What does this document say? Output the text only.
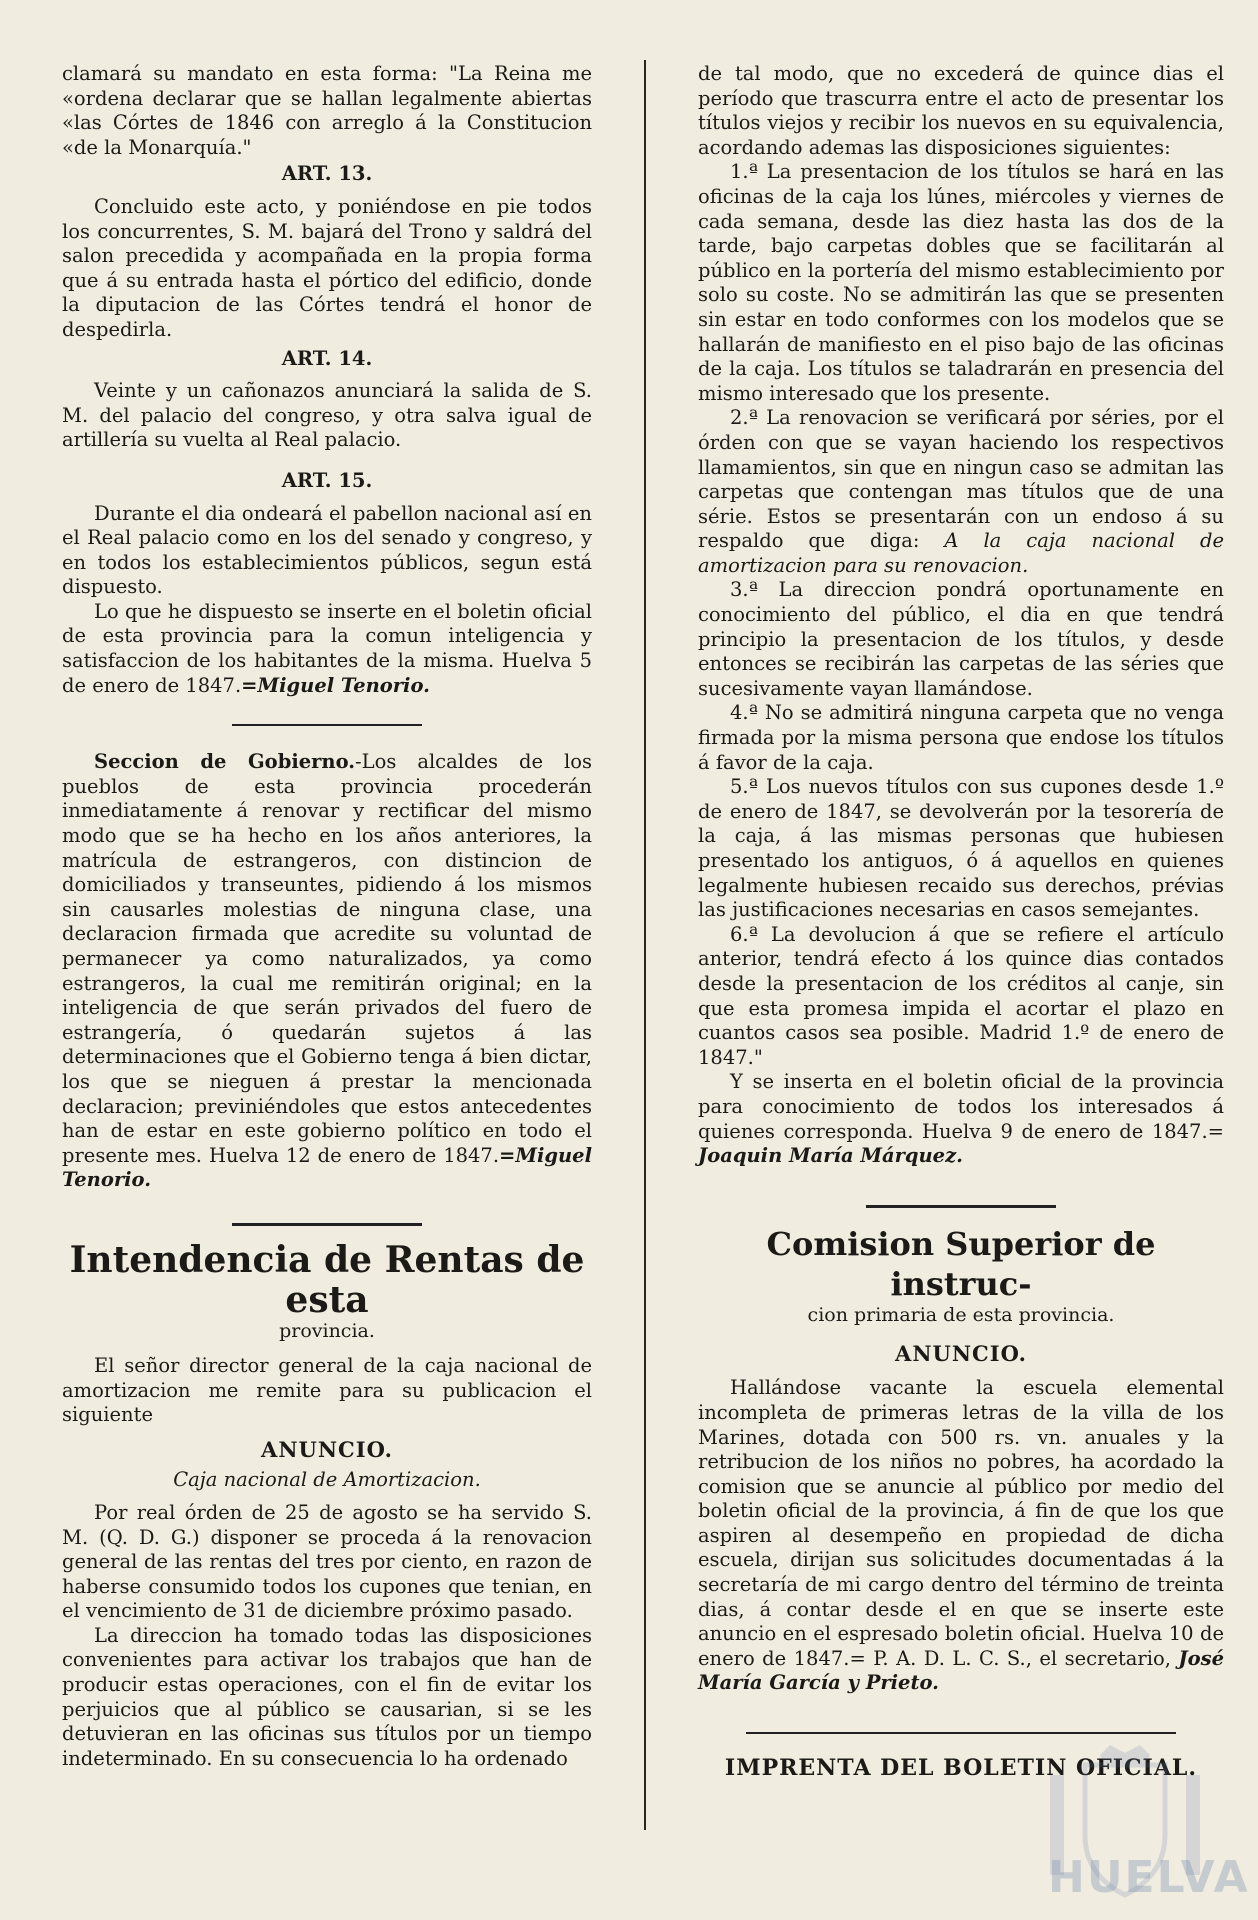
clamará su mandato en esta forma: "La Reina me «ordena declarar que se hallan legalmente abiertas «las Córtes de 1846 con arreglo á la Constitucion «de la Monarquía."

ART. 13.

Concluido este acto, y poniéndose en pie todos los concurrentes, S. M. bajará del Trono y saldrá del salon precedida y acompañada en la propia forma que á su entrada hasta el pórtico del edificio, donde la diputacion de las Córtes tendrá el honor de despedirla.

ART. 14.

Veinte y un cañonazos anunciará la salida de S. M. del palacio del congreso, y otra salva igual de artillería su vuelta al Real palacio.

ART. 15.

Durante el dia ondeará el pabellon nacional así en el Real palacio como en los del senado y congreso, y en todos los establecimientos públicos, segun está dispuesto.

Lo que he dispuesto se inserte en el boletin oficial de esta provincia para la comun inteligencia y satisfaccion de los habitantes de la misma. Huelva 5 de enero de 1847.=Miguel Tenorio.

Seccion de Gobierno.-Los alcaldes de los pueblos de esta provincia procederán inmediatamente á renovar y rectificar del mismo modo que se ha hecho en los años anteriores, la matrícula de estrangeros, con distincion de domiciliados y transeuntes, pidiendo á los mismos sin causarles molestias de ninguna clase, una declaracion firmada que acredite su voluntad de permanecer ya como naturalizados, ya como estrangeros, la cual me remitirán original; en la inteligencia de que serán privados del fuero de estrangería, ó quedarán sujetos á las determinaciones que el Gobierno tenga á bien dictar, los que se nieguen á prestar la mencionada declaracion; previniéndoles que estos antecedentes han de estar en este gobierno político en todo el presente mes. Huelva 12 de enero de 1847.=Miguel Tenorio.

Intendencia de Rentas de esta

provincia.

El señor director general de la caja nacional de amortizacion me remite para su publicacion el siguiente

ANUNCIO.

Caja nacional de Amortizacion.

Por real órden de 25 de agosto se ha servido S. M. (Q. D. G.) disponer se proceda á la renovacion general de las rentas del tres por ciento, en razon de haberse consumido todos los cupones que tenian, en el vencimiento de 31 de diciembre próximo pasado.

La direccion ha tomado todas las disposiciones convenientes para activar los trabajos que han de producir estas operaciones, con el fin de evitar los perjuicios que al público se causarian, si se les detuvieran en las oficinas sus títulos por un tiempo indeterminado. En su consecuencia lo ha ordenado

de tal modo, que no excederá de quince dias el período que trascurra entre el acto de presentar los títulos viejos y recibir los nuevos en su equivalencia, acordando ademas las disposiciones siguientes:

1.ª La presentacion de los títulos se hará en las oficinas de la caja los lúnes, miércoles y viernes de cada semana, desde las diez hasta las dos de la tarde, bajo carpetas dobles que se facilitarán al público en la portería del mismo establecimiento por solo su coste. No se admitirán las que se presenten sin estar en todo conformes con los modelos que se hallarán de manifiesto en el piso bajo de las oficinas de la caja. Los títulos se taladrarán en presencia del mismo interesado que los presente.

2.ª La renovacion se verificará por séries, por el órden con que se vayan haciendo los respectivos llamamientos, sin que en ningun caso se admitan las carpetas que contengan mas títulos que de una série. Estos se presentarán con un endoso á su respaldo que diga: A la caja nacional de amortizacion para su renovacion.

3.ª La direccion pondrá oportunamente en conocimiento del público, el dia en que tendrá principio la presentacion de los títulos, y desde entonces se recibirán las carpetas de las séries que sucesivamente vayan llamándose.

4.ª No se admitirá ninguna carpeta que no venga firmada por la misma persona que endose los títulos á favor de la caja.

5.ª Los nuevos títulos con sus cupones desde 1.º de enero de 1847, se devolverán por la tesorería de la caja, á las mismas personas que hubiesen presentado los antiguos, ó á aquellos en quienes legalmente hubiesen recaido sus derechos, prévias las justificaciones necesarias en casos semejantes.

6.ª La devolucion á que se refiere el artículo anterior, tendrá efecto á los quince dias contados desde la presentacion de los créditos al canje, sin que esta promesa impida el acortar el plazo en cuantos casos sea posible. Madrid 1.º de enero de 1847."

Y se inserta en el boletin oficial de la provincia para conocimiento de todos los interesados á quienes corresponda. Huelva 9 de enero de 1847.= Joaquin María Márquez.

Comision Superior de instruc-

cion primaria de esta provincia.

ANUNCIO.

Hallándose vacante la escuela elemental incompleta de primeras letras de la villa de los Marines, dotada con 500 rs. vn. anuales y la retribucion de los niños no pobres, ha acordado la comision que se anuncie al público por medio del boletin oficial de la provincia, á fin de que los que aspiren al desempeño en propiedad de dicha escuela, dirijan sus solicitudes documentadas á la secretaría de mi cargo dentro del término de treinta dias, á contar desde el en que se inserte este anuncio en el espresado boletin oficial. Huelva 10 de enero de 1847.= P. A. D. L. C. S., el secretario, José María García y Prieto.

IMPRENTA DEL BOLETIN OFICIAL.

HUELVA
